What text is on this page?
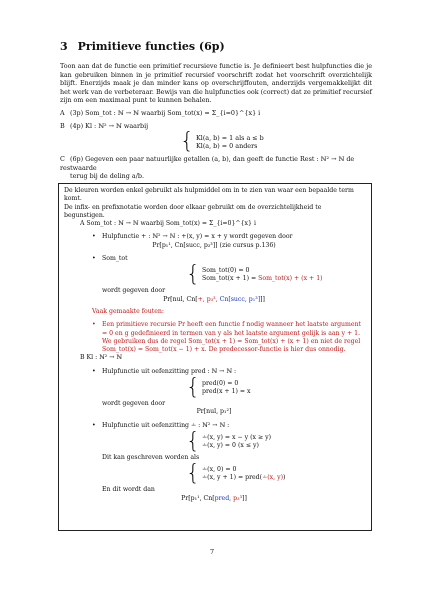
3 Primitieve functies (6p)

Toon aan dat de functie een primitief recursieve functie is. Je definieert best hulpfuncties die je kan gebruiken binnen in je primitief recursief voorschrift zodat het voorschrift overzichtelijk blijft. Enerzijds maak je dan minder kans op overschrijffouten, anderzijds vergemakkelijkt dit het werk van de verbeteraar. Bewijs van die hulpfuncties ook (correct) dat ze primitief recursief zijn om een maximaal punt te kunnen behalen.

A (3p) Som_tot : ℕ → ℕ waarbij Som_tot(x) = Σ_{i=0}^{x} i

B (4p) Kl : ℕ² → ℕ waarbij

{ Kl(a, b) = 1 als a ≤ b
Kl(a, b) = 0 anders

C (6p) Gegeven een paar natuurlijke getallen (a, b), dan geeft de functie Rest : ℕ² → ℕ de restwaarde

terug bij de deling a/b.

De kleuren worden enkel gebruikt als hulpmiddel om in te zien van waar een bepaalde term komt.

De infix- en prefixnotatie worden door elkaar gebruikt om de overzichtelijkheid te begunstigen.

A Som_tot : ℕ → ℕ waarbij Som_tot(x) = Σ_{i=0}^{x} i

•	Hulpfunctie + : ℕ² → ℕ : +(x, y) = x + y wordt gegeven door

Pr[p₁¹, Cn[succ, p₃³]] (zie cursus p.136)

•	Som_tot
{ Som_tot(0) = 0
Som_tot(x + 1) = Som_tot(x) + (x + 1)

wordt gegeven door

Pr[nul, Cn[+, p₃³, Cn[succ, p₁³]]]

Vaak gemaakte fouten:

•	Een primitieve recursie Pr heeft een functie f nodig wanneer het laatste argument = 0 en g gedefinieerd in termen van y als het laatste argument gelijk is aan y + 1. We gebruiken dus de regel Som_tot(x + 1) = Som_tot(x) + (x + 1) en niet de regel Som_tot(x) = Som_tot(x − 1) + x. De predecessor-functie is hier dus onnodig.

B Kl : ℕ² → ℕ

•	Hulpfunctie uit oefenzitting pred : ℕ → ℕ :
{ pred(0) = 0
pred(x + 1) = x

wordt gegeven door

Pr[nul, p₁²]

•	Hulpfunctie uit oefenzitting ∸ : ℕ² → ℕ :
{ ∸(x, y) = x − y (x ≥ y)
∸(x, y) = 0 (x ≤ y)

Dit kan geschreven worden als

{ ∸(x, 0) = 0
∸(x, y + 1) = pred(∸(x, y))

En dit wordt dan

Pr[p₁¹, Cn[pred, p₃³]]

7
